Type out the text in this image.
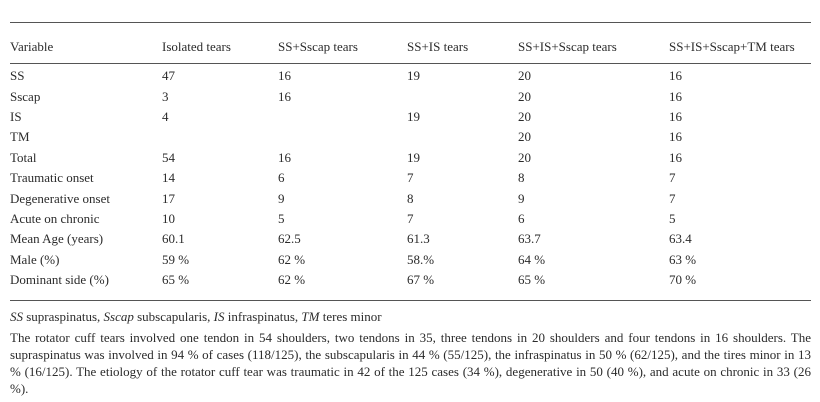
Variable	Isolated tears	SS+Sscap tears	SS+IS tears	SS+IS+Sscap tears	SS+IS+Sscap+TM tears
SS	47	16	19	20	16
Sscap	3	16		20	16
IS	4		19	20	16
TM				20	16
Total	54	16	19	20	16
Traumatic onset	14	6	7	8	7
Degenerative onset	17	9	8	9	7
Acute on chronic	10	5	7	6	5
Mean Age (years)	60.1	62.5	61.3	63.7	63.4
Male (%)	59 %	62 %	58.%	64 %	63 %
Dominant side (%)	65 %	62 %	67 %	65 %	70 %
SS supraspinatus, Sscap subscapularis, IS infraspinatus, TM teres minor
The rotator cuff tears involved one tendon in 54 shoulders, two tendons in 35, three tendons in 20 shoulders and four tendons in 16 shoulders. The supraspinatus was involved in 94 % of cases (118/125), the subscapularis in 44 % (55/125), the infraspinatus in 50 % (62/125), and the tires minor in 13 % (16/125). The etiology of the rotator cuff tear was traumatic in 42 of the 125 cases (34 %), degenerative in 50 (40 %), and acute on chronic in 33 (26 %).
